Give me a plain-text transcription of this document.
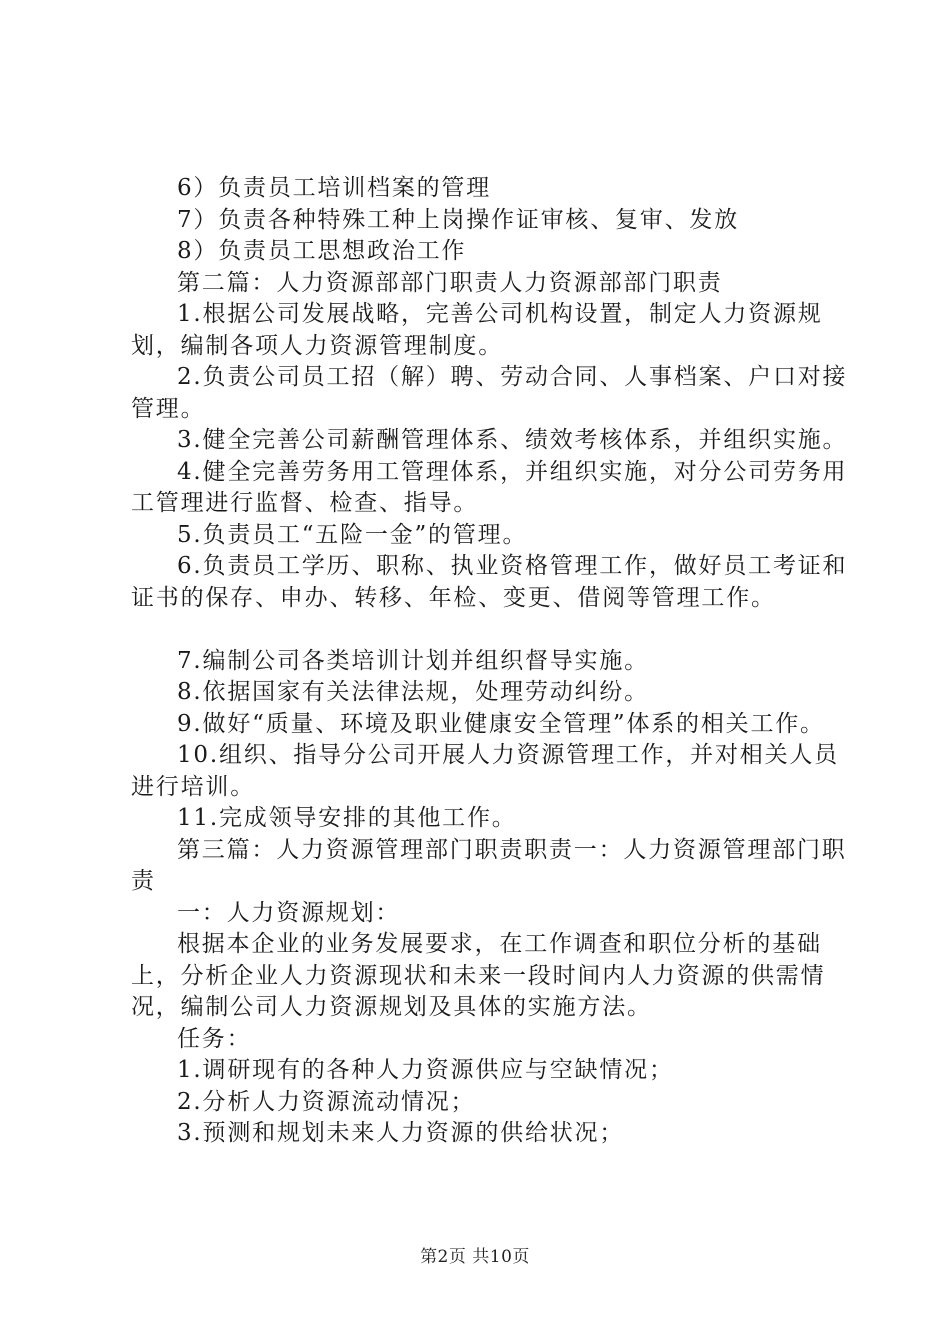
6）负责员工培训档案的管理

7）负责各种特殊工种上岗操作证审核、复审、发放

8）负责员工思想政治工作

第二篇：人力资源部部门职责人力资源部部门职责

1.根据公司发展战略，完善公司机构设置，制定人力资源规划，编制各项人力资源管理制度。

2.负责公司员工招（解）聘、劳动合同、人事档案、户口对接管理。

3.健全完善公司薪酬管理体系、绩效考核体系，并组织实施。

4.健全完善劳务用工管理体系，并组织实施，对分公司劳务用工管理进行监督、检查、指导。

5.负责员工“五险一金”的管理。

6.负责员工学历、职称、执业资格管理工作，做好员工考证和证书的保存、申办、转移、年检、变更、借阅等管理工作。

7.编制公司各类培训计划并组织督导实施。

8.依据国家有关法律法规，处理劳动纠纷。

9.做好“质量、环境及职业健康安全管理”体系的相关工作。

10.组织、指导分公司开展人力资源管理工作，并对相关人员进行培训。

11.完成领导安排的其他工作。

第三篇：人力资源管理部门职责职责一：人力资源管理部门职责

一：人力资源规划：

根据本企业的业务发展要求，在工作调查和职位分析的基础上，分析企业人力资源现状和未来一段时间内人力资源的供需情况，编制公司人力资源规划及具体的实施方法。

任务：

1.调研现有的各种人力资源供应与空缺情况；

2.分析人力资源流动情况；

3.预测和规划未来人力资源的供给状况；

第2页 共10页
